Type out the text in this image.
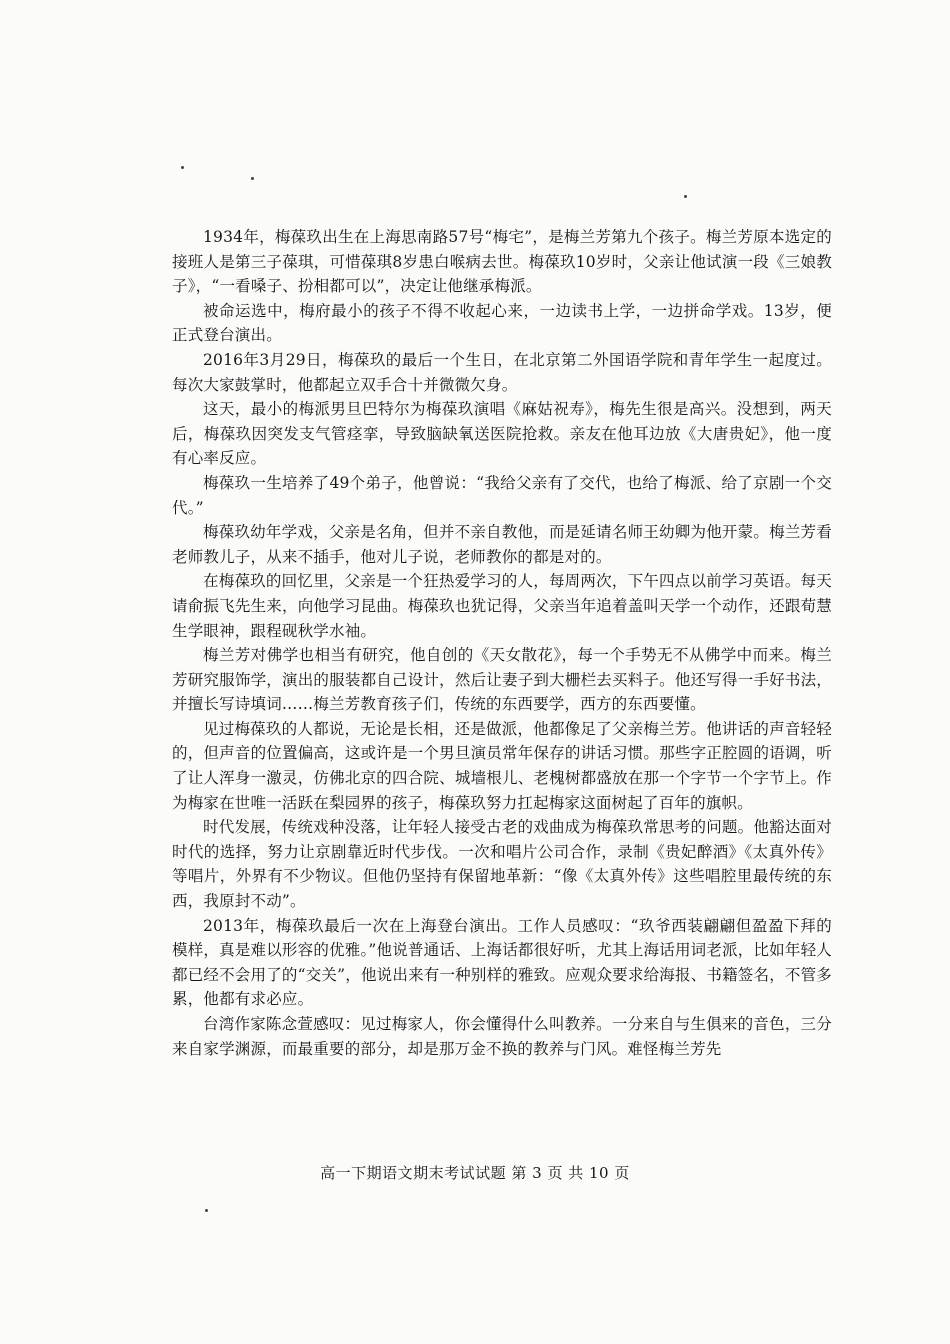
1934年，梅葆玖出生在上海思南路57号“梅宅”，是梅兰芳第九个孩子。梅兰芳原本选定的接班人是第三子葆琪，可惜葆琪8岁患白喉病去世。梅葆玖10岁时，父亲让他试演一段《三娘教子》，“一看嗓子、扮相都可以”，决定让他继承梅派。

被命运选中，梅府最小的孩子不得不收起心来，一边读书上学，一边拼命学戏。13岁，便正式登台演出。

2016年3月29日，梅葆玖的最后一个生日，在北京第二外国语学院和青年学生一起度过。每次大家鼓掌时，他都起立双手合十并微微欠身。

这天，最小的梅派男旦巴特尔为梅葆玖演唱《麻姑祝寿》，梅先生很是高兴。没想到，两天后，梅葆玖因突发支气管痉挛，导致脑缺氧送医院抢救。亲友在他耳边放《大唐贵妃》，他一度有心率反应。

梅葆玖一生培养了49个弟子，他曾说：“我给父亲有了交代，也给了梅派、给了京剧一个交代。”

梅葆玖幼年学戏，父亲是名角，但并不亲自教他，而是延请名师王幼卿为他开蒙。梅兰芳看老师教儿子，从来不插手，他对儿子说，老师教你的都是对的。

在梅葆玖的回忆里，父亲是一个狂热爱学习的人，每周两次，下午四点以前学习英语。每天请俞振飞先生来，向他学习昆曲。梅葆玖也犹记得，父亲当年追着盖叫天学一个动作，还跟荀慧生学眼神，跟程砚秋学水袖。

梅兰芳对佛学也相当有研究，他自创的《天女散花》，每一个手势无不从佛学中而来。梅兰芳研究服饰学，演出的服装都自己设计，然后让妻子到大栅栏去买料子。他还写得一手好书法，并擅长写诗填词……梅兰芳教育孩子们，传统的东西要学，西方的东西要懂。

见过梅葆玖的人都说，无论是长相，还是做派，他都像足了父亲梅兰芳。他讲话的声音轻轻的，但声音的位置偏高，这或许是一个男旦演员常年保存的讲话习惯。那些字正腔圆的语调，听了让人浑身一激灵，仿佛北京的四合院、城墙根儿、老槐树都盛放在那一个字节一个字节上。作为梅家在世唯一活跃在梨园界的孩子，梅葆玖努力扛起梅家这面树起了百年的旗帜。

时代发展，传统戏种没落，让年轻人接受古老的戏曲成为梅葆玖常思考的问题。他豁达面对时代的选择，努力让京剧靠近时代步伐。一次和唱片公司合作，录制《贵妃醉酒》《太真外传》等唱片，外界有不少物议。但他仍坚持有保留地革新：“像《太真外传》这些唱腔里最传统的东西，我原封不动”。

2013年，梅葆玖最后一次在上海登台演出。工作人员感叹：“玖爷西装翩翩但盈盈下拜的模样，真是难以形容的优雅。”他说普通话、上海话都很好听，尤其上海话用词老派，比如年轻人都已经不会用了的“交关”，他说出来有一种别样的雅致。应观众要求给海报、书籍签名，不管多累，他都有求必应。

台湾作家陈念萱感叹：见过梅家人，你会懂得什么叫教养。一分来自与生俱来的音色，三分来自家学渊源，而最重要的部分，却是那万金不换的教养与门风。难怪梅兰芳先

高一下期语文期末考试试题 第 3 页 共 10 页
